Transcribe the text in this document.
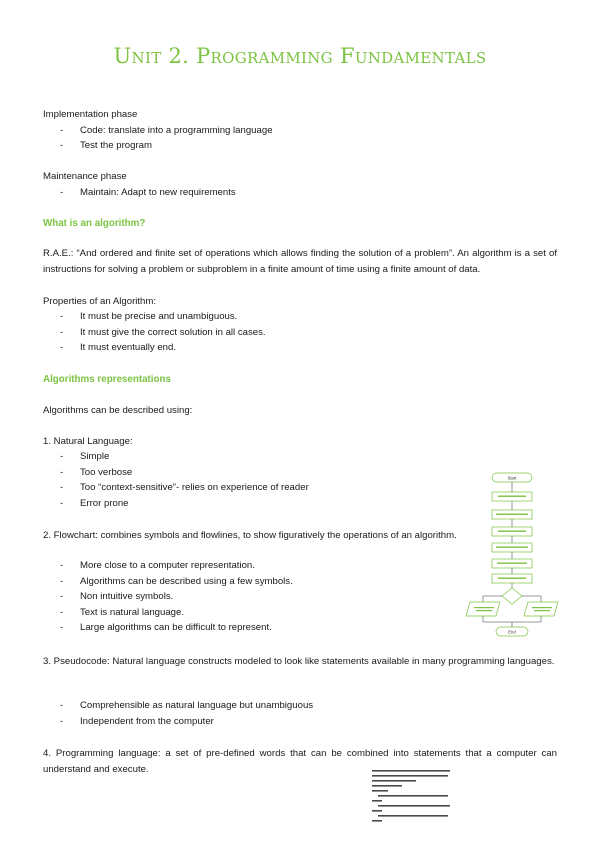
Unit 2. Programming Fundamentals
Implementation phase
- Code: translate into a programming language
- Test the program
Maintenance phase
- Maintain: Adapt to new requirements
What is an algorithm?
R.A.E.: “And ordered and finite set of operations which allows finding the solution of a problem”. An algorithm is a set of instructions for solving a problem or subproblem in a finite amount of time using a finite amount of data.
Properties of an Algorithm:
- It must be precise and unambiguous.
- It must give the correct solution in all cases.
- It must eventually end.
Algorithms representations
Algorithms can be described using:
1. Natural Language:
- Simple
- Too verbose
- Too “context-sensitive”- relies on experience of reader
- Error prone
2. Flowchart: combines symbols and flowlines, to show figuratively the operations of an algorithm.
- More close to a computer representation.
- Algorithms can be described using a few symbols.
- Non intuitive symbols.
- Text is natural language.
- Large algorithms can be difficult to represent.
Start
End
3. Pseudocode: Natural language constructs modeled to look like statements available in many programming languages.
- Comprehensible as natural language but unambiguous
- Independent from the computer
4. Programming language: a set of pre-defined words that can be combined into statements that a computer can understand and execute.
